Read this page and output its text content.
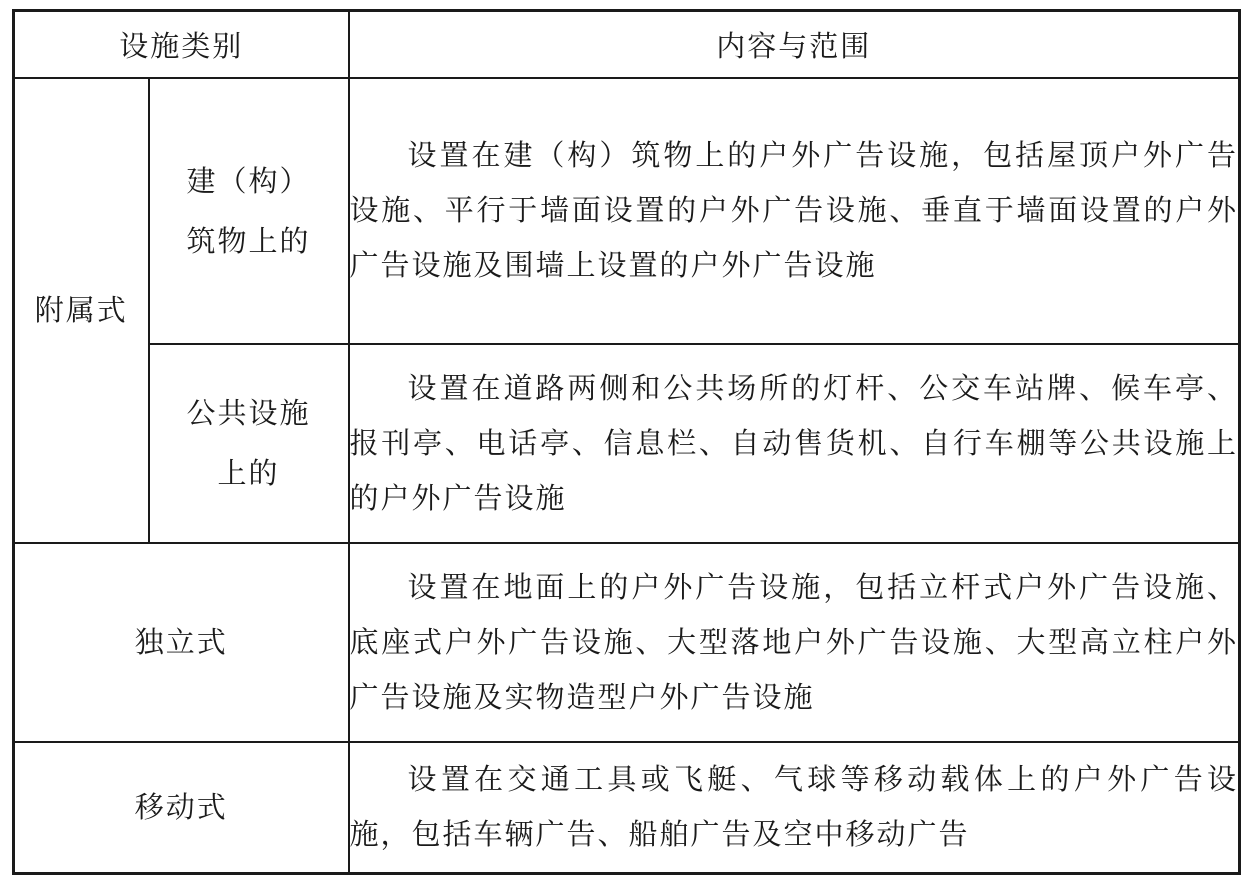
设施类别		内容与范围
附属式	建（构）筑物上的	设置在建（构）筑物上的户外广告设施，包括屋顶户外广告设施、平行于墙面设置的户外广告设施、垂直于墙面设置的户外广告设施及围墙上设置的户外广告设施

	公共设施上的	设置在道路两侧和公共场所的灯杆、公交车站牌、候车亭、报刊亭、电话亭、信息栏、自动售货机、自行车棚等公共设施上的户外广告设施

独立式		设置在地面上的户外广告设施，包括立杆式户外广告设施、底座式户外广告设施、大型落地户外广告设施、大型高立柱户外广告设施及实物造型户外广告设施

移动式		设置在交通工具或飞艇、气球等移动载体上的户外广告设施，包括车辆广告、船舶广告及空中移动广告
